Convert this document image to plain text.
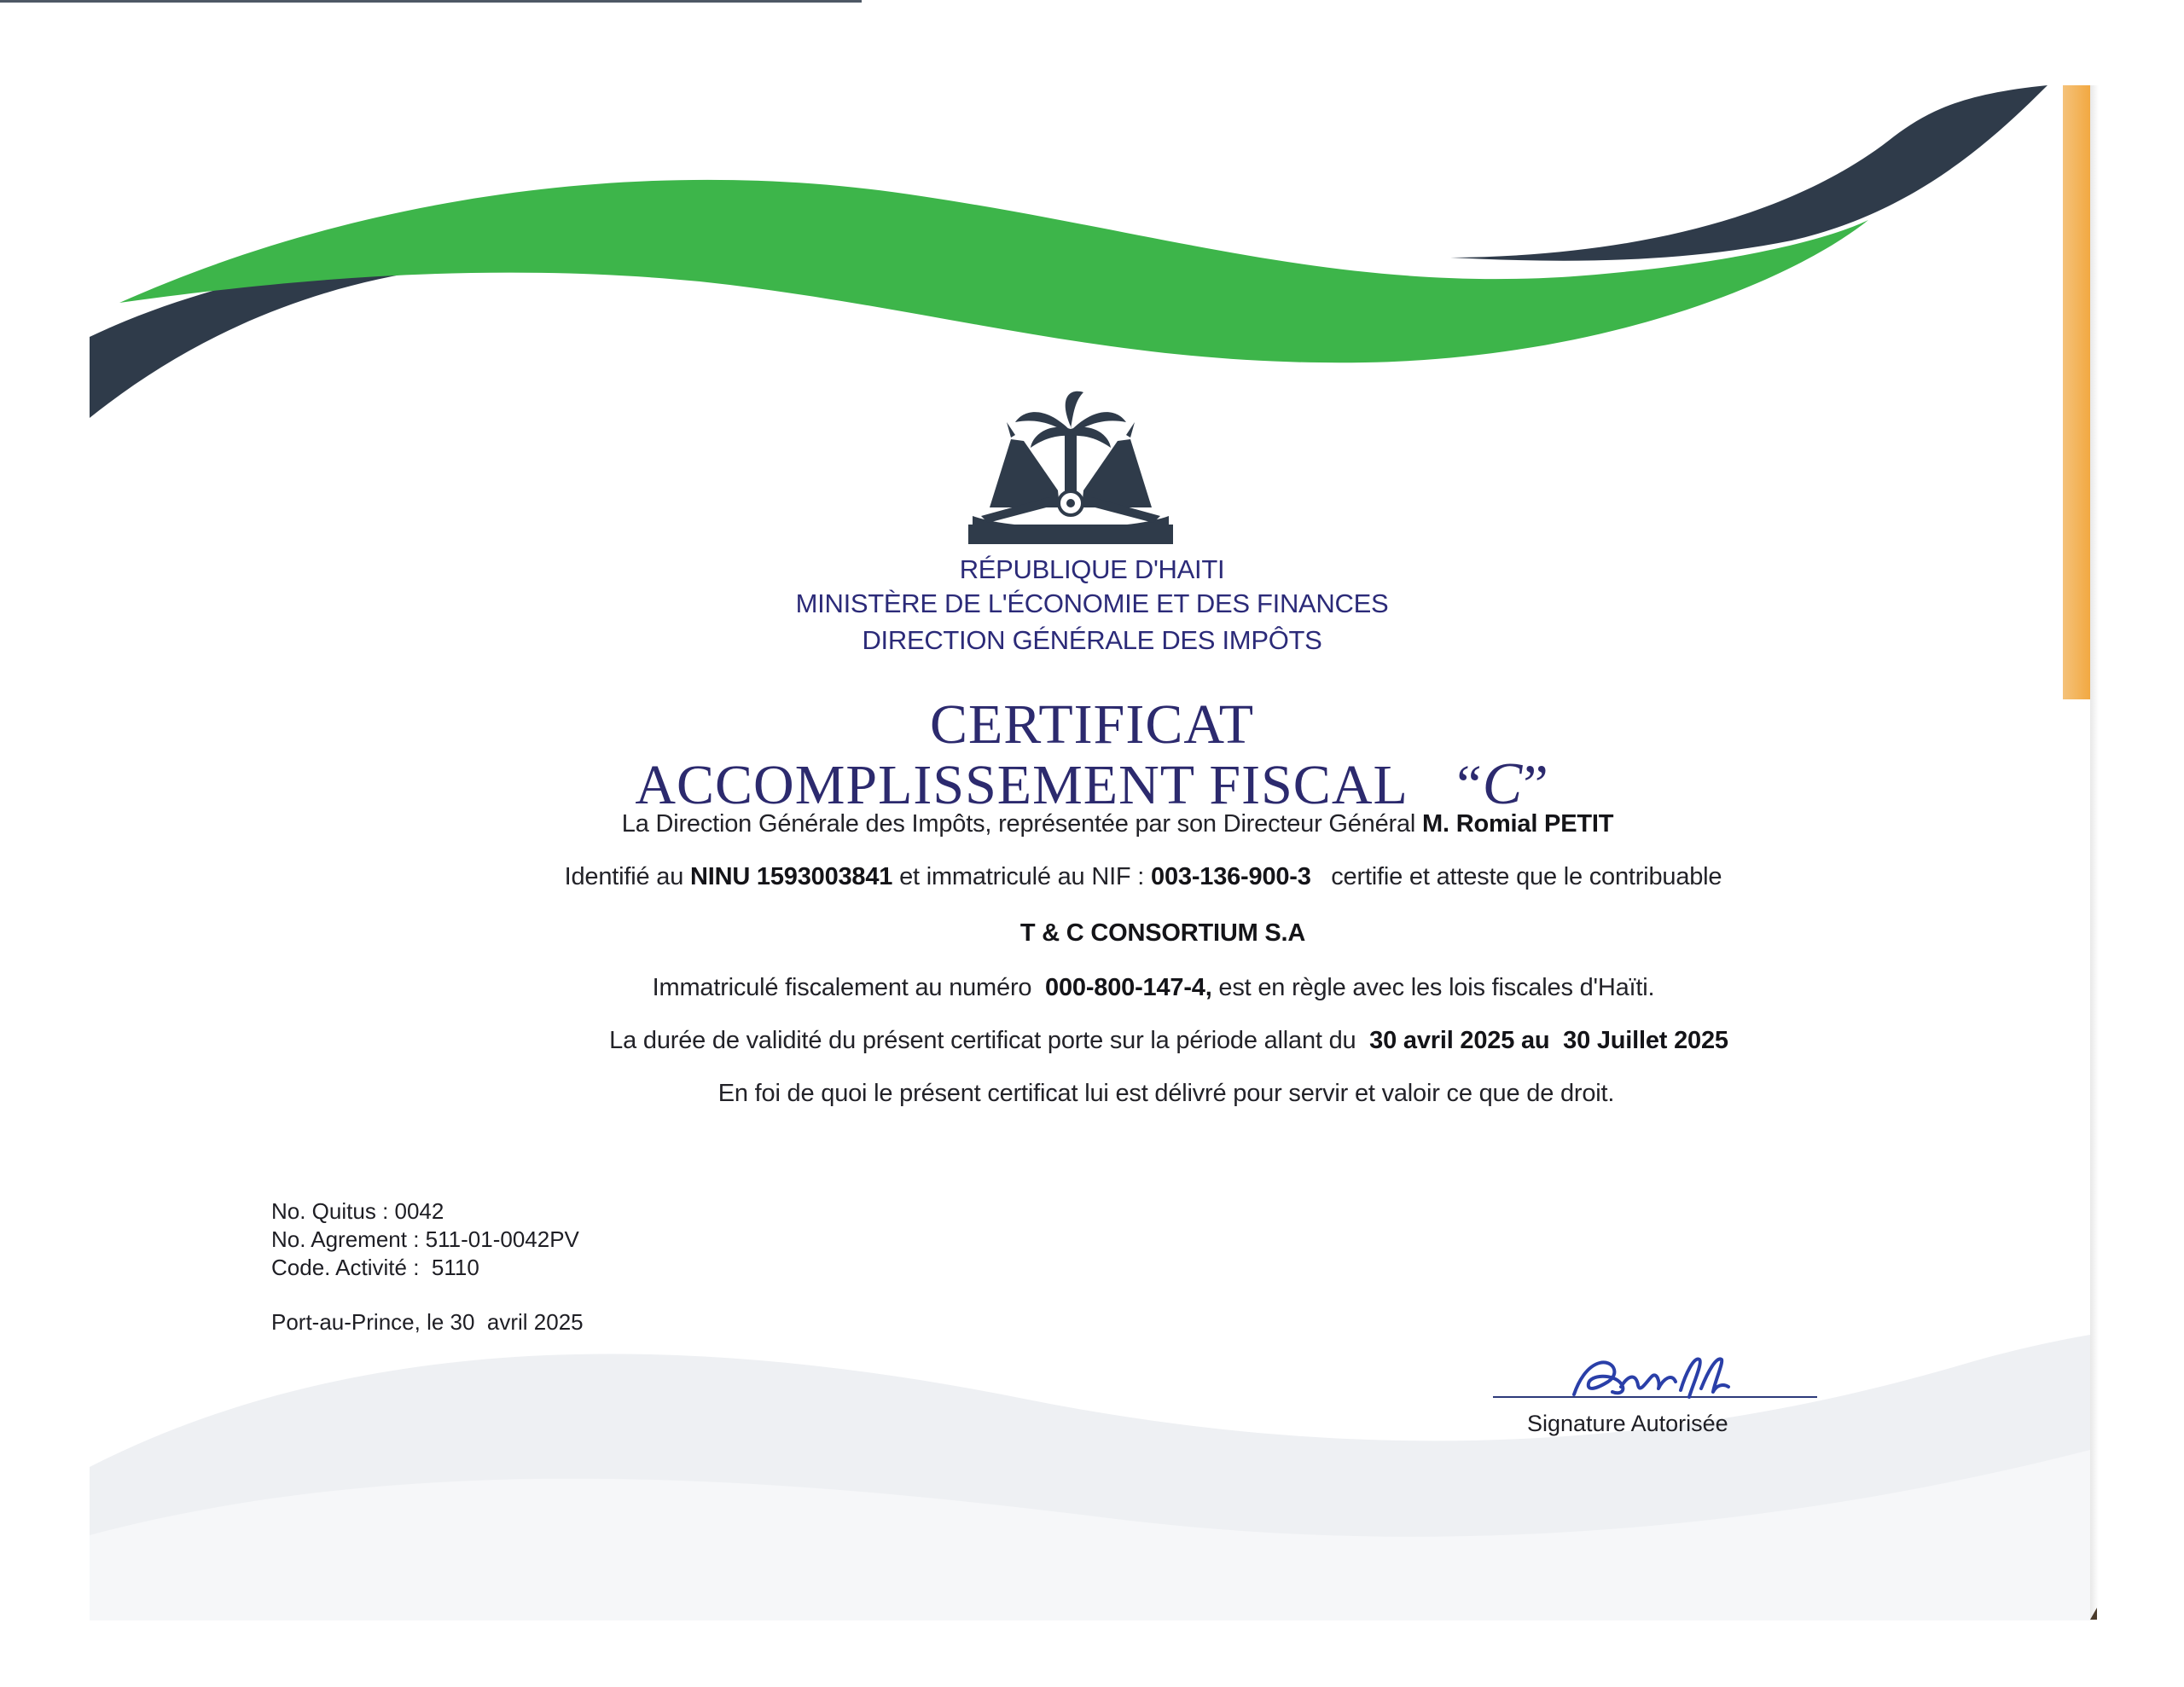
RÉPUBLIQUE D'HAITI
MINISTÈRE DE L'ÉCONOMIE ET DES FINANCES
DIRECTION GÉNÉRALE DES IMPÔTS
CERTIFICAT
ACCOMPLISSEMENT FISCAL “C”
La Direction Générale des Impôts, représentée par son Directeur Général M. Romial PETIT
Identifié au NINU 1593003841 et immatriculé au NIF : 003-136-900-3   certifie et atteste que le contribuable
T & C CONSORTIUM S.A
Immatriculé fiscalement au numéro  000-800-147-4, est en règle avec les lois fiscales d'Haïti.
La durée de validité du présent certificat porte sur la période allant du  30 avril 2025 au  30 Juillet 2025
En foi de quoi le présent certificat lui est délivré pour servir et valoir ce que de droit.
No. Quitus : 0042
No. Agrement : 511-01-0042PV
Code. Activité :  5110
Port-au-Prince, le 30  avril 2025
Signature Autorisée
